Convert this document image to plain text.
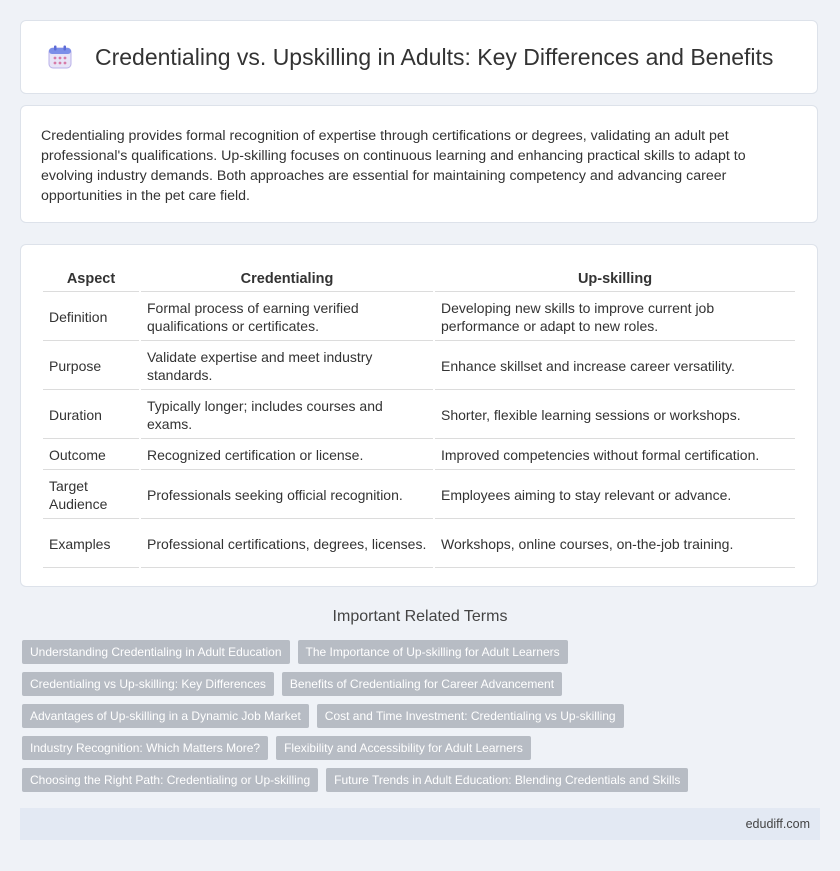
Credentialing vs. Upskilling in Adults: Key Differences and Benefits

Credentialing provides formal recognition of expertise through certifications or degrees, validating an adult pet professional's qualifications. Up-skilling focuses on continuous learning and enhancing practical skills to adapt to evolving industry demands. Both approaches are essential for maintaining competency and advancing career opportunities in the pet care field.

Aspect	Credentialing	Up-skilling
Definition	Formal process of earning verified qualifications or certificates.	Developing new skills to improve current job performance or adapt to new roles.
Purpose	Validate expertise and meet industry standards.	Enhance skillset and increase career versatility.
Duration	Typically longer; includes courses and exams.	Shorter, flexible learning sessions or workshops.
Outcome	Recognized certification or license.	Improved competencies without formal certification.
Target Audience	Professionals seeking official recognition.	Employees aiming to stay relevant or advance.
Examples	Professional certifications, degrees, licenses.	Workshops, online courses, on-the-job training.
Important Related Terms
Understanding Credentialing in Adult Education	The Importance of Up-skilling for Adult Learners
Credentialing vs Up-skilling: Key Differences	Benefits of Credentialing for Career Advancement
Advantages of Up-skilling in a Dynamic Job Market	Cost and Time Investment: Credentialing vs Up-skilling
Industry Recognition: Which Matters More?	Flexibility and Accessibility for Adult Learners
Choosing the Right Path: Credentialing or Up-skilling	Future Trends in Adult Education: Blending Credentials and Skills
edudiff.com
